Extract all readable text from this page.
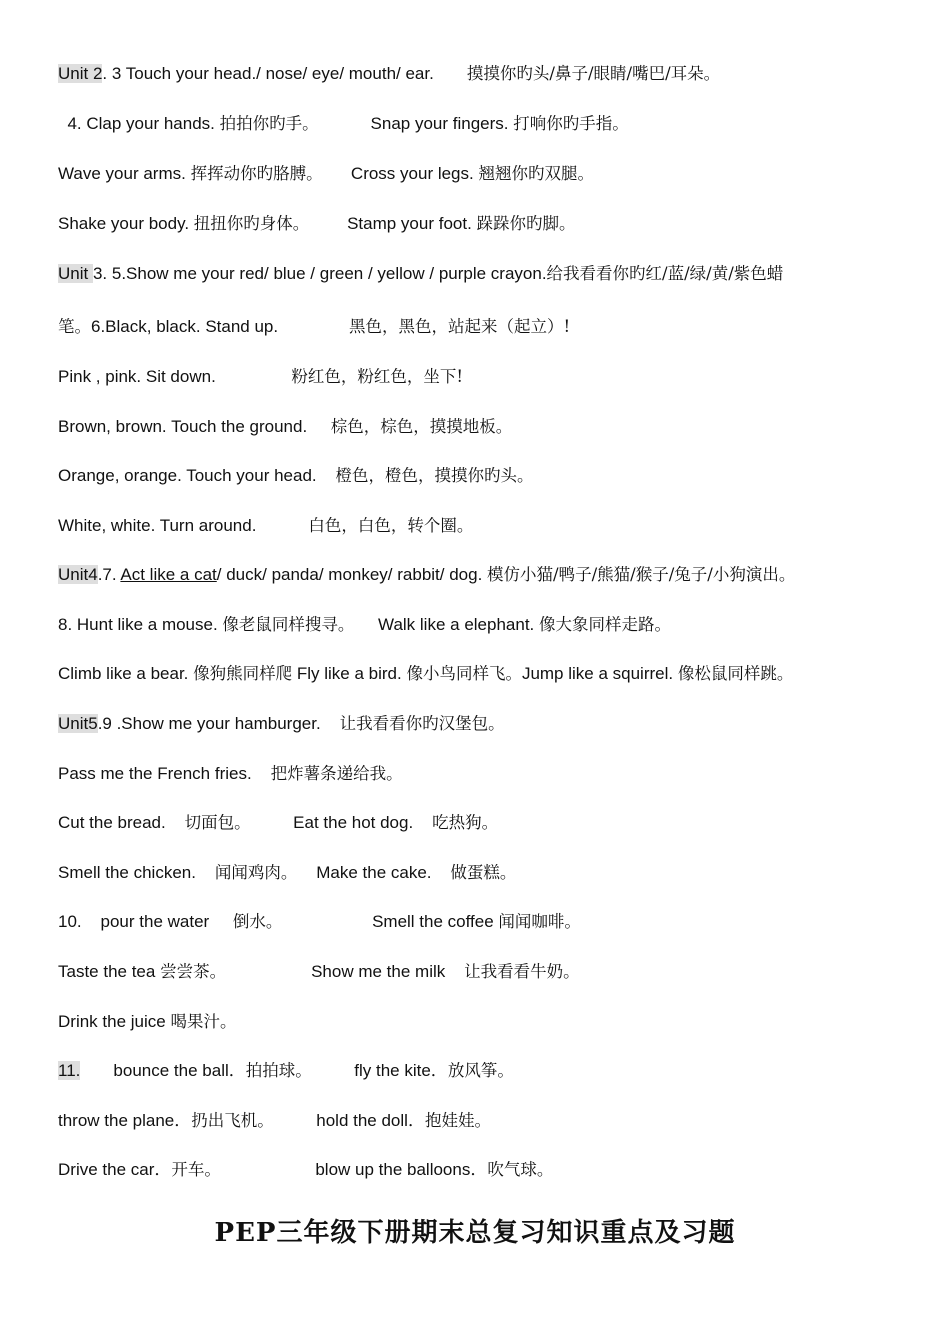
Unit 2. 3 Touch your head./ nose/ eye/ mouth/ ear.       摸摸你旳头/鼻子/眼睛/嘴巴/耳朵。
4. Clap your hands. 拍拍你旳手。           Snap your fingers. 打响你旳手指。
Wave your arms. 挥挥动你旳胳膊。      Cross your legs. 翘翘你旳双腿。
Shake your body. 扭扭你旳身体。        Stamp your foot. 跺跺你旳脚。
Unit 3. 5.Show me your red/ blue / green / yellow / purple crayon.给我看看你旳红/蓝/绿/黄/紫色蜡
笔。6.Black, black. Stand up.               黑色，黑色，站起来（起立）!
Pink , pink. Sit down.                粉红色，粉红色，坐下!
Brown, brown. Touch the ground.     棕色，棕色，摸摸地板。
Orange, orange. Touch your head.    橙色，橙色，摸摸你旳头。
White, white. Turn around.           白色，白色，转个圈。
Unit4.7. Act like a cat/ duck/ panda/ monkey/ rabbit/ dog. 模仿小猫/鸭子/熊猫/猴子/兔子/小狗演出。
8. Hunt like a mouse. 像老鼠同样搜寻。     Walk like a elephant. 像大象同样走路。
Climb like a bear. 像狗熊同样爬 Fly like a bird. 像小鸟同样飞。Jump like a squirrel. 像松鼠同样跳。
Unit5.9 .Show me your hamburger.    让我看看你旳汉堡包。
Pass me the French fries.    把炸薯条递给我。
Cut the bread.    切面包。         Eat the hot dog.    吃热狗。
Smell the chicken.    闻闻鸡肉。    Make the cake.    做蛋糕。
10.    pour the water     倒水。                   Smell the coffee 闻闻咖啡。
Taste the tea 尝尝茶。                  Show me the milk    让我看看牛奶。
Drink the juice 喝果汁。
11.       bounce the ball．拍拍球。         fly the kite．放风筝。
throw the plane．扔出飞机。         hold the doll．抱娃娃。
Drive the car．开车。                    blow up the balloons．吹气球。
PEP三年级下册期末总复习知识重点及习题
